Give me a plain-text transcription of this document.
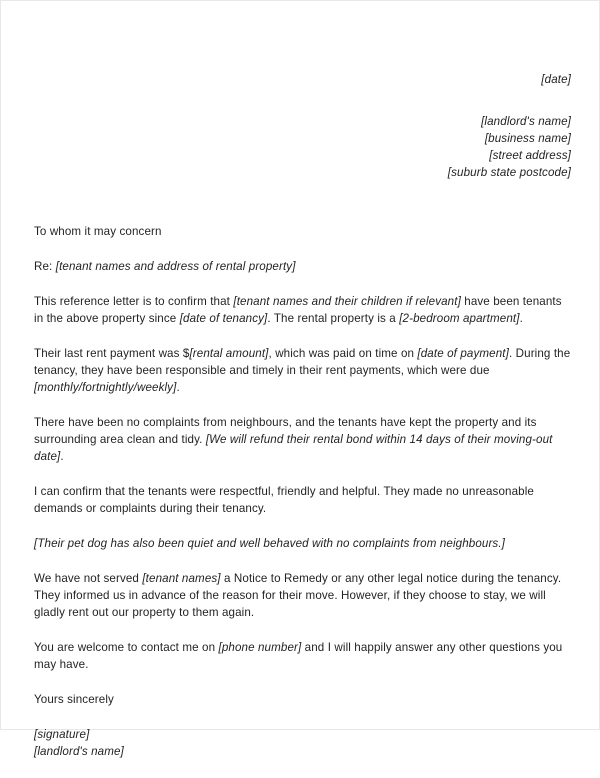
[date]
[landlord's name]
[business name]
[street address]
[suburb state postcode]

To whom it may concern

Re: [tenant names and address of rental property]

This reference letter is to confirm that [tenant names and their children if relevant] have been tenants in the above property since [date of tenancy]. The rental property is a [2-bedroom apartment].

Their last rent payment was $[rental amount], which was paid on time on [date of payment]. During the tenancy, they have been responsible and timely in their rent payments, which were due [monthly/fortnightly/weekly].

There have been no complaints from neighbours, and the tenants have kept the property and its surrounding area clean and tidy. [We will refund their rental bond within 14 days of their moving-out date].

I can confirm that the tenants were respectful, friendly and helpful. They made no unreasonable demands or complaints during their tenancy.

[Their pet dog has also been quiet and well behaved with no complaints from neighbours.]

We have not served [tenant names] a Notice to Remedy or any other legal notice during the tenancy. They informed us in advance of the reason for their move. However, if they choose to stay, we will gladly rent out our property to them again.

You are welcome to contact me on [phone number] and I will happily answer any other questions you may have.

Yours sincerely

[signature]
[landlord's name]
